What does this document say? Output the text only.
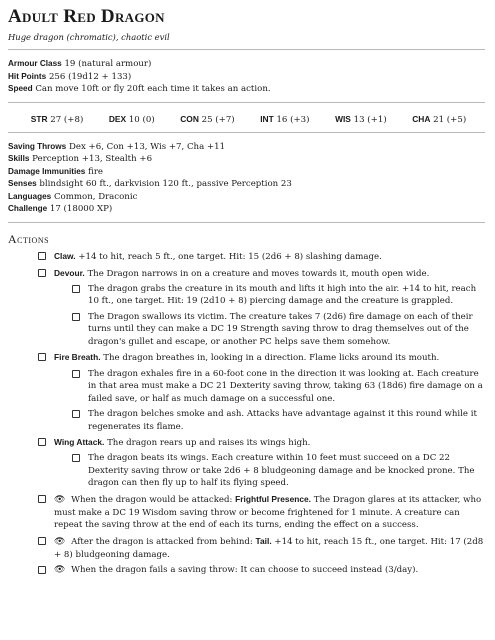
Adult Red Dragon
Huge dragon (chromatic), chaotic evil
Armour Class 19 (natural armour)
Hit Points 256 (19d12 + 133)
Speed Can move 10ft or fly 20ft each time it takes an action.
STR 27 (+8)	DEX 10 (0)	CON 25 (+7)	INT 16 (+3)	WIS 13 (+1)	CHA 21 (+5)
Saving Throws Dex +6, Con +13, Wis +7, Cha +11
Skills Perception +13, Stealth +6
Damage Immunities fire
Senses blindsight 60 ft., darkvision 120 ft., passive Perception 23
Languages Common, Draconic
Challenge 17 (18000 XP)
Actions
Claw. +14 to hit, reach 5 ft., one target. Hit: 15 (2d6 + 8) slashing damage.
Devour. The Dragon narrows in on a creature and moves towards it, mouth open wide.
The dragon grabs the creature in its mouth and lifts it high into the air. +14 to hit, reach 10 ft., one target. Hit: 19 (2d10 + 8) piercing damage and the creature is grappled.
The Dragon swallows its victim. The creature takes 7 (2d6) fire damage on each of their turns until they can make a DC 19 Strength saving throw to drag themselves out of the dragon's gullet and escape, or another PC helps save them somehow.
Fire Breath. The dragon breathes in, looking in a direction. Flame licks around its mouth.
The dragon exhales fire in a 60-foot cone in the direction it was looking at. Each creature in that area must make a DC 21 Dexterity saving throw, taking 63 (18d6) fire damage on a failed save, or half as much damage on a successful one.
The dragon belches smoke and ash. Attacks have advantage against it this round while it regenerates its flame.
Wing Attack. The dragon rears up and raises its wings high.
The dragon beats its wings. Each creature within 10 feet must succeed on a DC 22 Dexterity saving throw or take 2d6 + 8 bludgeoning damage and be knocked prone. The dragon can then fly up to half its flying speed.
👁 When the dragon would be attacked: Frightful Presence. The Dragon glares at its attacker, who must make a DC 19 Wisdom saving throw or become frightened for 1 minute. A creature can repeat the saving throw at the end of each its turns, ending the effect on a success.
👁 After the dragon is attacked from behind: Tail. +14 to hit, reach 15 ft., one target. Hit: 17 (2d8 + 8) bludgeoning damage.
👁 When the dragon fails a saving throw: It can choose to succeed instead (3/day).
